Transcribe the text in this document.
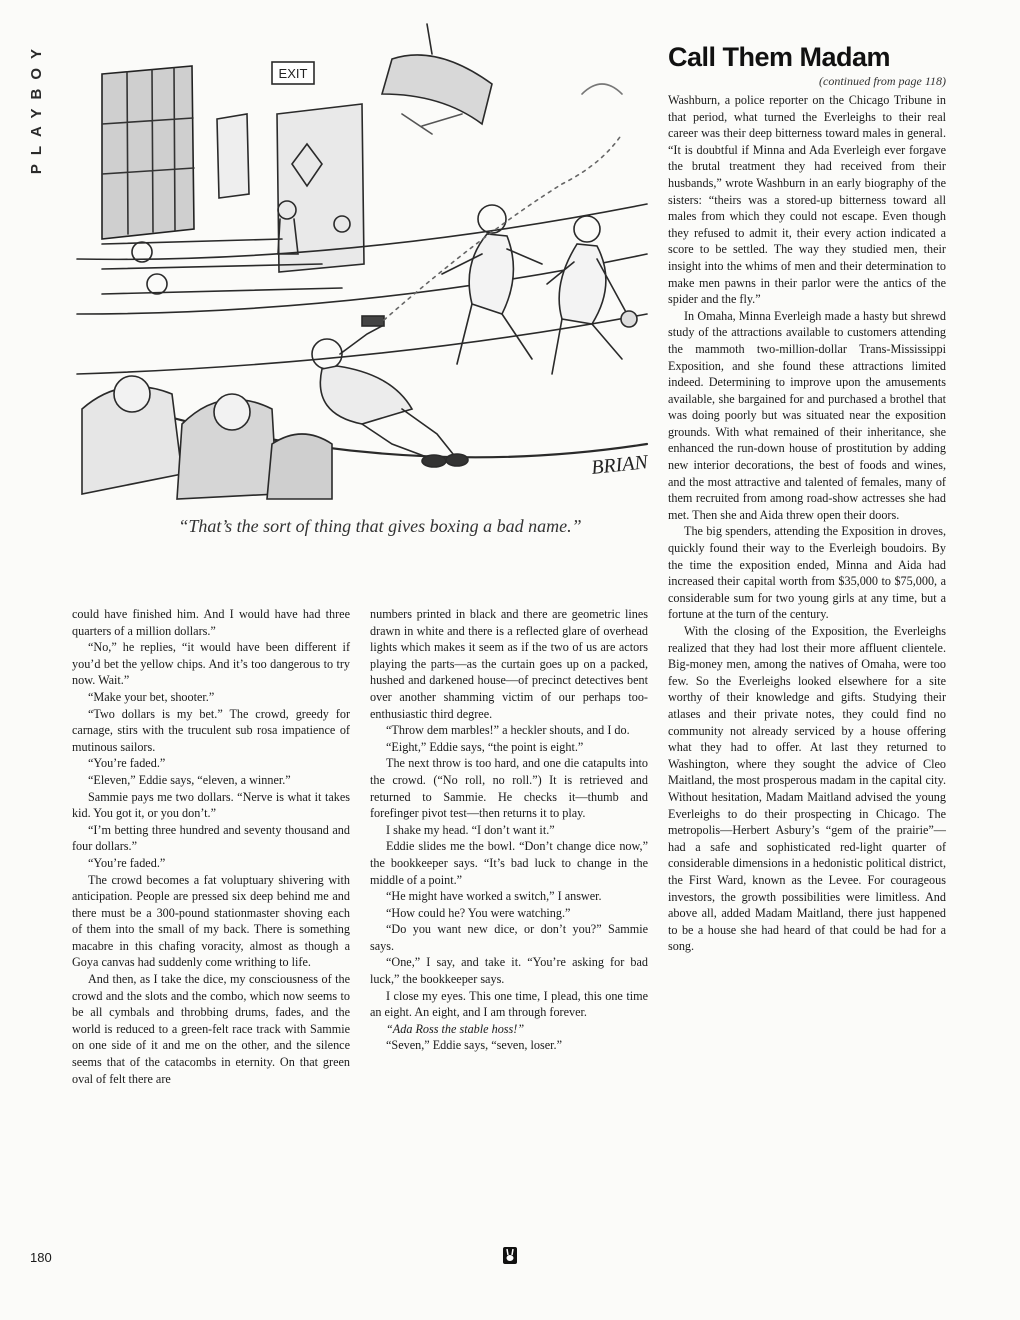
PLAYBOY	EXIT
BRIAN
“That’s the sort of thing that gives boxing a bad name.”

could have finished him. And I would have had three quarters of a million dollars.”

“No,” he replies, “it would have been different if you’d bet the yellow chips. And it’s too dangerous to try now. Wait.”

“Make your bet, shooter.”

“Two dollars is my bet.” The crowd, greedy for carnage, stirs with the truculent sub rosa impatience of mutinous sailors.

“You’re faded.”

“Eleven,” Eddie says, “eleven, a winner.”

Sammie pays me two dollars. “Nerve is what it takes kid. You got it, or you don’t.”

“I’m betting three hundred and seventy thousand and four dollars.”

“You’re faded.”

The crowd becomes a fat voluptuary shivering with anticipation. People are pressed six deep behind me and there must be a 300-pound stationmaster shoving each of them into the small of my back. There is something macabre in this chafing voracity, almost as though a Goya canvas had suddenly come writhing to life.

And then, as I take the dice, my consciousness of the crowd and the slots and the combo, which now seems to be all cymbals and throbbing drums, fades, and the world is reduced to a green-felt race track with Sammie on one side of it and me on the other, and the silence seems that of the catacombs in eternity. On that green oval of felt there are

numbers printed in black and there are geometric lines drawn in white and there is a reflected glare of overhead lights which makes it seem as if the two of us are actors playing the parts—as the curtain goes up on a packed, hushed and darkened house—of precinct detectives bent over another shamming victim of our perhaps too-enthusiastic third degree.

“Throw dem marbles!” a heckler shouts, and I do.

“Eight,” Eddie says, “the point is eight.”

The next throw is too hard, and one die catapults into the crowd. (“No roll, no roll.”) It is retrieved and returned to Sammie. He checks it—thumb and forefinger pivot test—then returns it to play.

I shake my head. “I don’t want it.”

Eddie slides me the bowl. “Don’t change dice now,” the bookkeeper says. “It’s bad luck to change in the middle of a point.”

“He might have worked a switch,” I answer.

“How could he? You were watching.”

“Do you want new dice, or don’t you?” Sammie says.

“One,” I say, and take it. “You’re asking for bad luck,” the bookkeeper says.

I close my eyes. This one time, I plead, this one time an eight. An eight, and I am through forever.

“Ada Ross the stable hoss!”

“Seven,” Eddie says, “seven, loser.”

Call Them Madam
(continued from page 118)

Washburn, a police reporter on the Chicago Tribune in that period, what turned the Everleighs to their real career was their deep bitterness toward males in general. “It is doubtful if Minna and Ada Everleigh ever forgave the brutal treatment they had received from their husbands,” wrote Washburn in an early biography of the sisters: “theirs was a stored-up bitterness toward all males from which they could not escape. Even though they refused to admit it, their every action indicated a score to be settled. The way they studied men, their insight into the whims of men and their determination to make men pawns in their parlor were the antics of the spider and the fly.”

In Omaha, Minna Everleigh made a hasty but shrewd study of the attractions available to customers attending the mammoth two-million-dollar Trans-Mississippi Exposition, and she found these attractions limited indeed. Determining to improve upon the amusements available, she bargained for and purchased a brothel that was doing poorly but was situated near the exposition grounds. With what remained of their inheritance, she enhanced the run-down house of prostitution by adding new interior decorations, the best of foods and wines, and the most attractive and talented of females, many of them recruited from among road-show actresses she had met. Then she and Aida threw open their doors.

The big spenders, attending the Exposition in droves, quickly found their way to the Everleigh boudoirs. By the time the exposition ended, Minna and Aida had increased their capital worth from $35,000 to $75,000, a considerable sum for two young girls at any time, but a fortune at the turn of the century.

With the closing of the Exposition, the Everleighs realized that they had lost their more affluent clientele. Big-money men, among the natives of Omaha, were too few. So the Everleighs looked elsewhere for a site worthy of their knowledge and gifts. Studying their atlases and their private notes, they could find no community not already serviced by a house offering what they had to offer. At last they returned to Washington, where they sought the advice of Cleo Maitland, the most prosperous madam in the capital city. Without hesitation, Madam Maitland advised the young Everleighs to do their prospecting in Chicago. The metropolis—Herbert Asbury’s “gem of the prairie”—had a safe and sophisticated red-light quarter of considerable dimensions in a hedonistic political district, the First Ward, known as the Levee. For courageous investors, the growth possibilities were limitless. And above all, added Madam Maitland, there just happened to be a house she had heard of that could be had for a song.

180
